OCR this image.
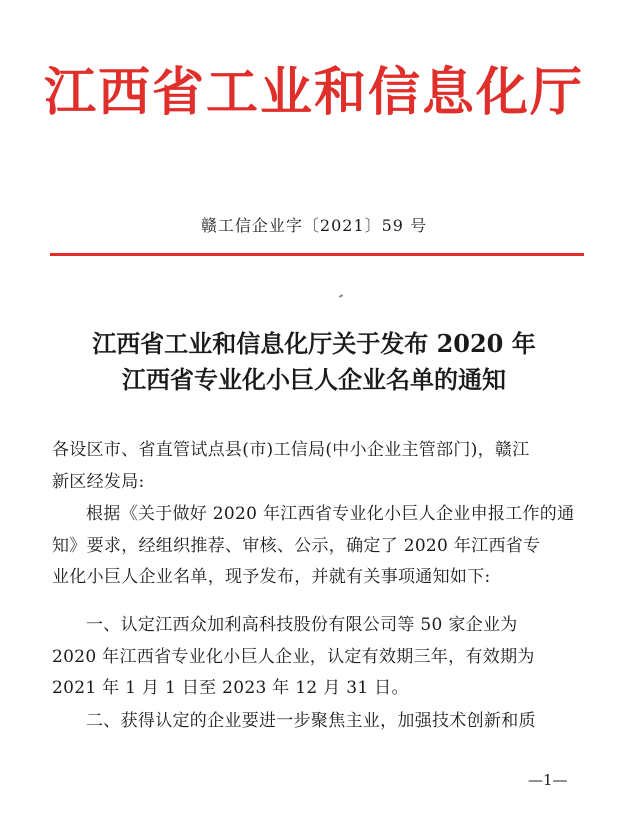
江西省工业和信息化厅
赣工信企业字〔2021〕59 号
江西省工业和信息化厅关于发布 2020 年
江西省专业化小巨人企业名单的通知
各设区市、省直管试点县(市)工信局(中小企业主管部门)，赣江
新区经发局:
根据《关于做好 2020 年江西省专业化小巨人企业申报工作的通
知》要求，经组织推荐、审核、公示，确定了 2020 年江西省专
业化小巨人企业名单，现予发布，并就有关事项通知如下:
一、认定江西众加利高科技股份有限公司等 50 家企业为
2020 年江西省专业化小巨人企业，认定有效期三年，有效期为
2021 年 1 月 1 日至 2023 年 12 月 31 日。
二、获得认定的企业要进一步聚焦主业，加强技术创新和质
—1—
